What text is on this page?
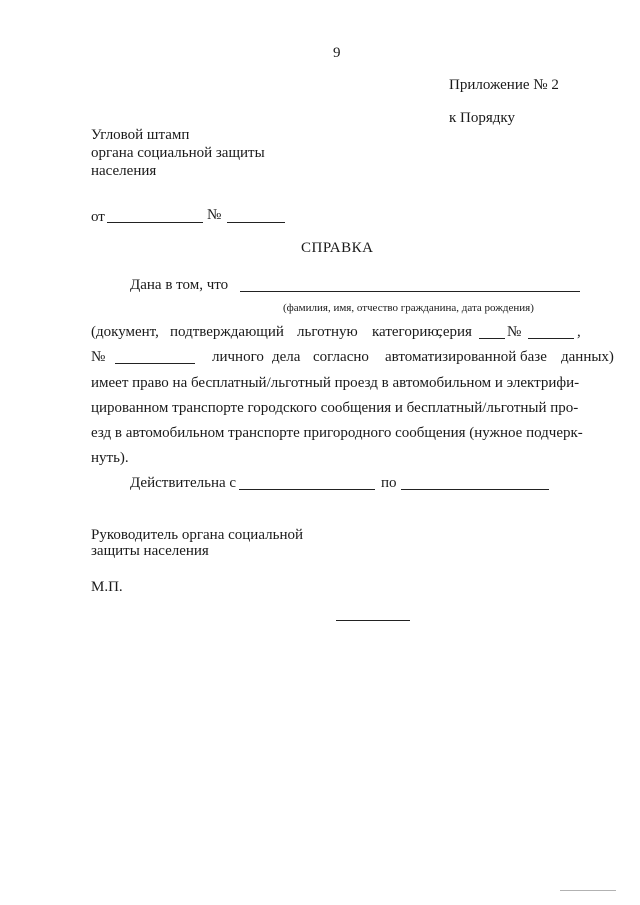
9
Приложение № 2
к Порядку
Угловой штамп
органа социальной защиты
населения
от	№
СПРАВКА
Дана в том, что
(фамилия, имя, отчество гражданина, дата рождения)
(документ, подтверждающий льготную категорию,
серия №	,
№	личного дела согласно автоматизированной базе данных)
имеет право на бесплатный/льготный проезд в автомобильном и электрифи-
цированном транспорте городского сообщения и бесплатный/льготный про-
езд в автомобильном транспорте пригородного сообщения (нужное подчерк-
нуть).
Действительна с	по
Руководитель органа социальной
защиты населения
М.П.
